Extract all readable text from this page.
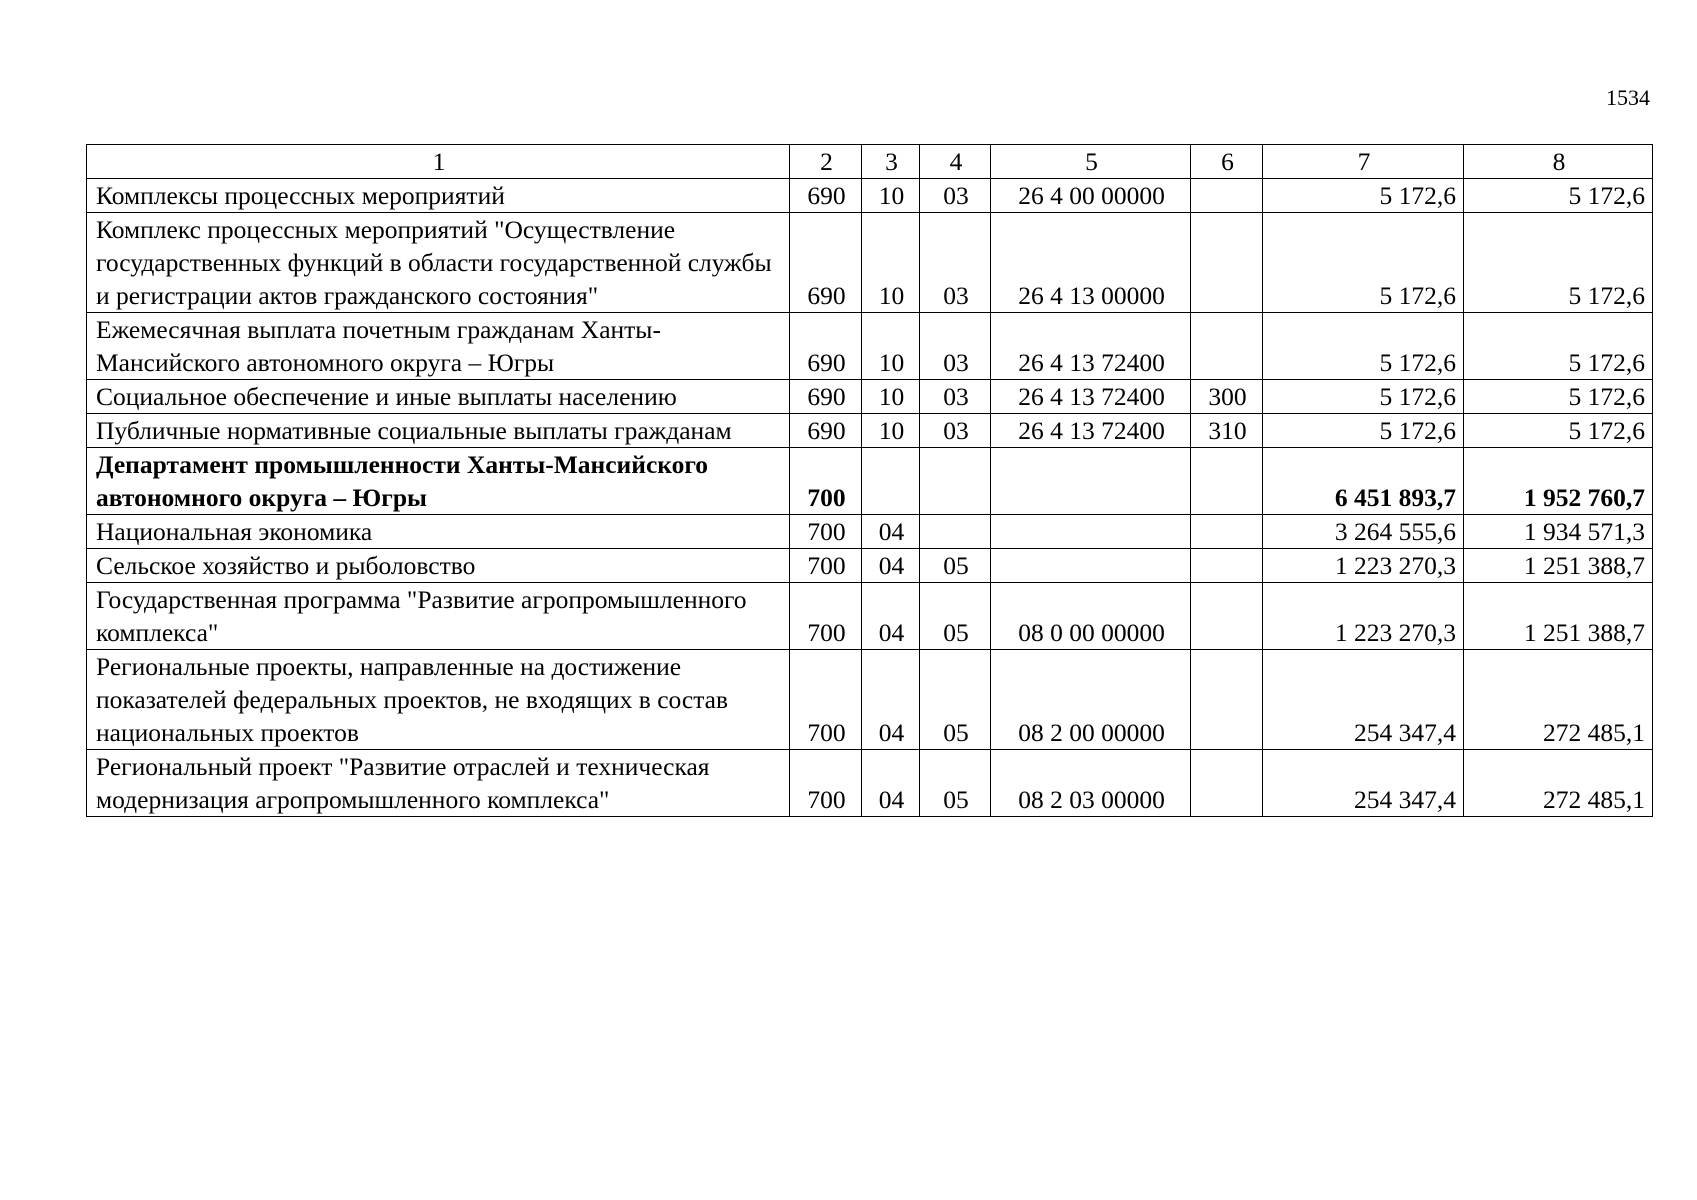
1534
1	2	3	4	5	6	7	8
Комплексы процессных мероприятий	690	10	03	26 4 00 00000		5 172,6	5 172,6
Комплекс процессных мероприятий "Осуществление государственных функций в области государственной службы и регистрации актов гражданского состояния"	690	10	03	26 4 13 00000		5 172,6	5 172,6
Ежемесячная выплата почетным гражданам Ханты-Мансийского автономного округа – Югры	690	10	03	26 4 13 72400		5 172,6	5 172,6
Социальное обеспечение и иные выплаты населению	690	10	03	26 4 13 72400	300	5 172,6	5 172,6
Публичные нормативные социальные выплаты гражданам	690	10	03	26 4 13 72400	310	5 172,6	5 172,6
Департамент промышленности Ханты-Мансийского автономного округа – Югры	700					6 451 893,7	1 952 760,7
Национальная экономика	700	04				3 264 555,6	1 934 571,3
Сельское хозяйство и рыболовство	700	04	05			1 223 270,3	1 251 388,7
Государственная программа "Развитие агропромышленного комплекса"	700	04	05	08 0 00 00000		1 223 270,3	1 251 388,7
Региональные проекты, направленные на достижение показателей федеральных проектов, не входящих в состав национальных проектов	700	04	05	08 2 00 00000		254 347,4	272 485,1
Региональный проект "Развитие отраслей и техническая модернизация агропромышленного комплекса"	700	04	05	08 2 03 00000		254 347,4	272 485,1
